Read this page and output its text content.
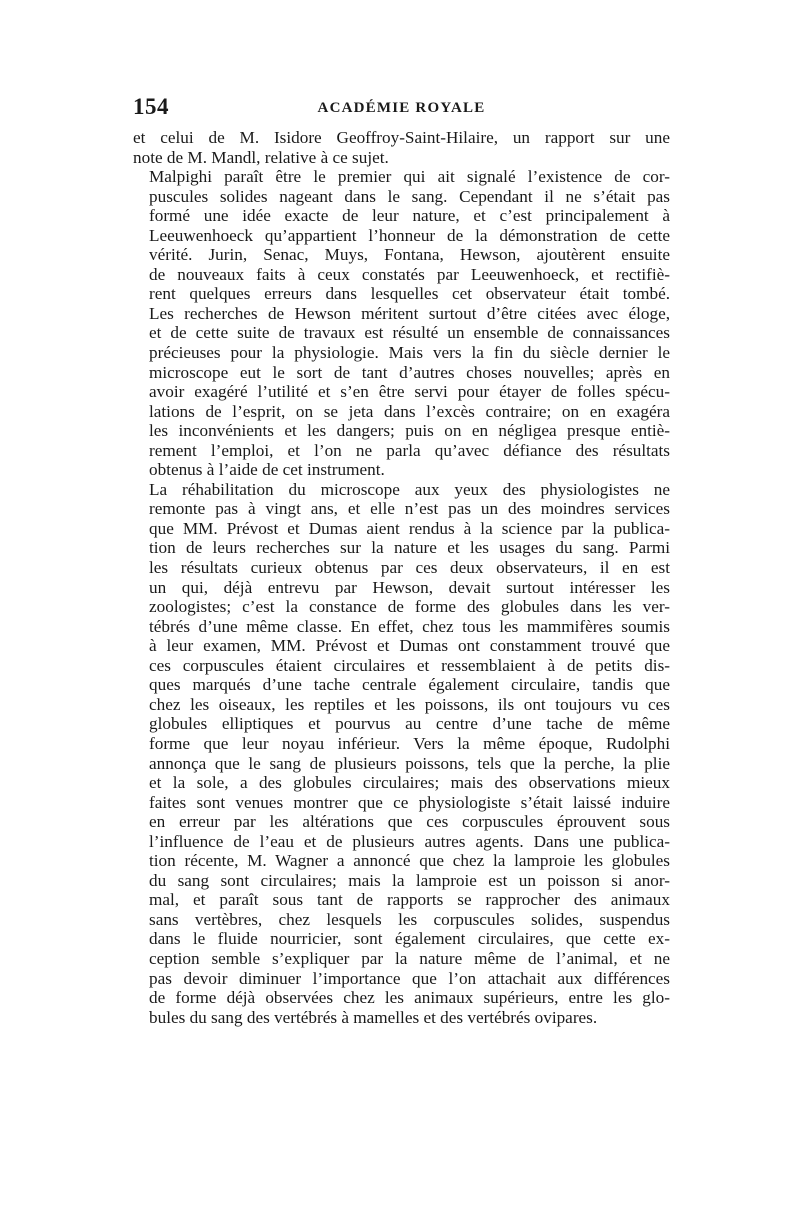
154	ACADÉMIE ROYALE

et celui de M. Isidore Geoffroy-Saint-Hilaire, un rapport sur une
note de M. Mandl, relative à ce sujet.

Malpighi paraît être le premier qui ait signalé l’existence de cor-
puscules solides nageant dans le sang. Cependant il ne s’était pas
formé une idée exacte de leur nature, et c’est principalement à
Leeuwenhoeck qu’appartient l’honneur de la démonstration de cette
vérité. Jurin, Senac, Muys, Fontana, Hewson, ajoutèrent ensuite
de nouveaux faits à ceux constatés par Leeuwenhoeck, et rectifiè-
rent quelques erreurs dans lesquelles cet observateur était tombé.
Les recherches de Hewson méritent surtout d’être citées avec éloge,
et de cette suite de travaux est résulté un ensemble de connaissances
précieuses pour la physiologie. Mais vers la fin du siècle dernier le
microscope eut le sort de tant d’autres choses nouvelles; après en
avoir exagéré l’utilité et s’en être servi pour étayer de folles spécu-
lations de l’esprit, on se jeta dans l’excès contraire; on en exagéra
les inconvénients et les dangers; puis on en négligea presque entiè-
rement l’emploi, et l’on ne parla qu’avec défiance des résultats
obtenus à l’aide de cet instrument.

La réhabilitation du microscope aux yeux des physiologistes ne
remonte pas à vingt ans, et elle n’est pas un des moindres services
que MM. Prévost et Dumas aient rendus à la science par la publica-
tion de leurs recherches sur la nature et les usages du sang. Parmi
les résultats curieux obtenus par ces deux observateurs, il en est
un qui, déjà entrevu par Hewson, devait surtout intéresser les
zoologistes; c’est la constance de forme des globules dans les ver-
tébrés d’une même classe. En effet, chez tous les mammifères soumis
à leur examen, MM. Prévost et Dumas ont constamment trouvé que
ces corpuscules étaient circulaires et ressemblaient à de petits dis-
ques marqués d’une tache centrale également circulaire, tandis que
chez les oiseaux, les reptiles et les poissons, ils ont toujours vu ces
globules elliptiques et pourvus au centre d’une tache de même
forme que leur noyau inférieur. Vers la même époque, Rudolphi
annonça que le sang de plusieurs poissons, tels que la perche, la plie
et la sole, a des globules circulaires; mais des observations mieux
faites sont venues montrer que ce physiologiste s’était laissé induire
en erreur par les altérations que ces corpuscules éprouvent sous
l’influence de l’eau et de plusieurs autres agents. Dans une publica-
tion récente, M. Wagner a annoncé que chez la lamproie les globules
du sang sont circulaires; mais la lamproie est un poisson si anor-
mal, et paraît sous tant de rapports se rapprocher des animaux
sans vertèbres, chez lesquels les corpuscules solides, suspendus
dans le fluide nourricier, sont également circulaires, que cette ex-
ception semble s’expliquer par la nature même de l’animal, et ne
pas devoir diminuer l’importance que l’on attachait aux différences
de forme déjà observées chez les animaux supérieurs, entre les glo-
bules du sang des vertébrés à mamelles et des vertébrés ovipares.
